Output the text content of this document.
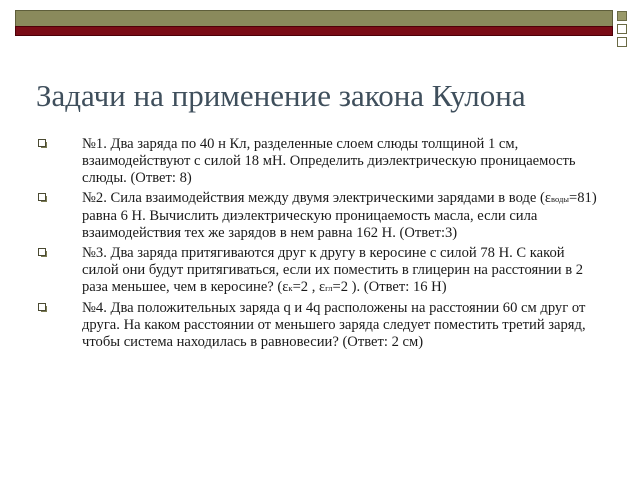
Задачи на применение закона Кулона
№1. Два заряда по 40 н Кл, разделенные слоем слюды толщиной 1 см, взаимодействуют с силой 18 мН. Определить диэлектрическую проницаемость слюды. (Ответ: 8)
№2. Сила взаимодействия между двумя электрическими зарядами в воде (εводы=81) равна 6 Н. Вычислить диэлектрическую проницаемость масла, если сила взаимодействия тех же зарядов в нем равна 162 Н. (Ответ:3)
№3. Два заряда притягиваются друг к другу в керосине с силой 78 Н. С какой силой они будут притягиваться, если их поместить в глицерин на расстоянии в 2 раза меньшее, чем в керосине? (εк=2 , εгл=2 ). (Ответ: 16 Н)
№4. Два положительных заряда q и 4q расположены на расстоянии 60 см друг от друга. На каком расстоянии от меньшего заряда следует поместить третий заряд, чтобы система находилась в равновесии? (Ответ: 2 см)
